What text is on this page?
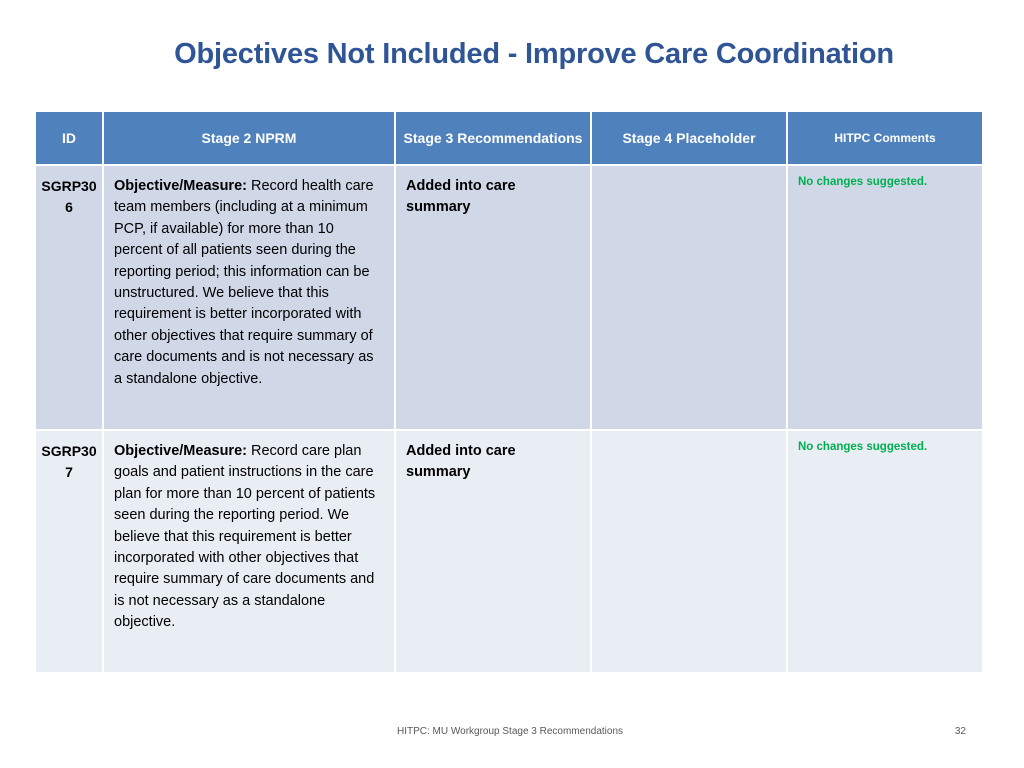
Objectives Not Included - Improve Care Coordination
ID	Stage 2 NPRM	Stage 3 Recommendations	Stage 4 Placeholder	HITPC Comments
SGRP306	Objective/Measure: Record health care team members (including at a minimum PCP, if available) for more than 10 percent of all patients seen during the reporting period; this information can be unstructured. We believe that this requirement is better incorporated with other objectives that require summary of care documents and is not necessary as a standalone objective.	Added into care summary		No changes suggested.
SGRP307	Objective/Measure: Record care plan goals and patient instructions in the care plan for more than 10 percent of patients seen during the reporting period. We believe that this requirement is better incorporated with other objectives that require summary of care documents and is not necessary as a standalone objective.	Added into care summary		No changes suggested.
HITPC: MU Workgroup Stage 3 Recommendations	32
